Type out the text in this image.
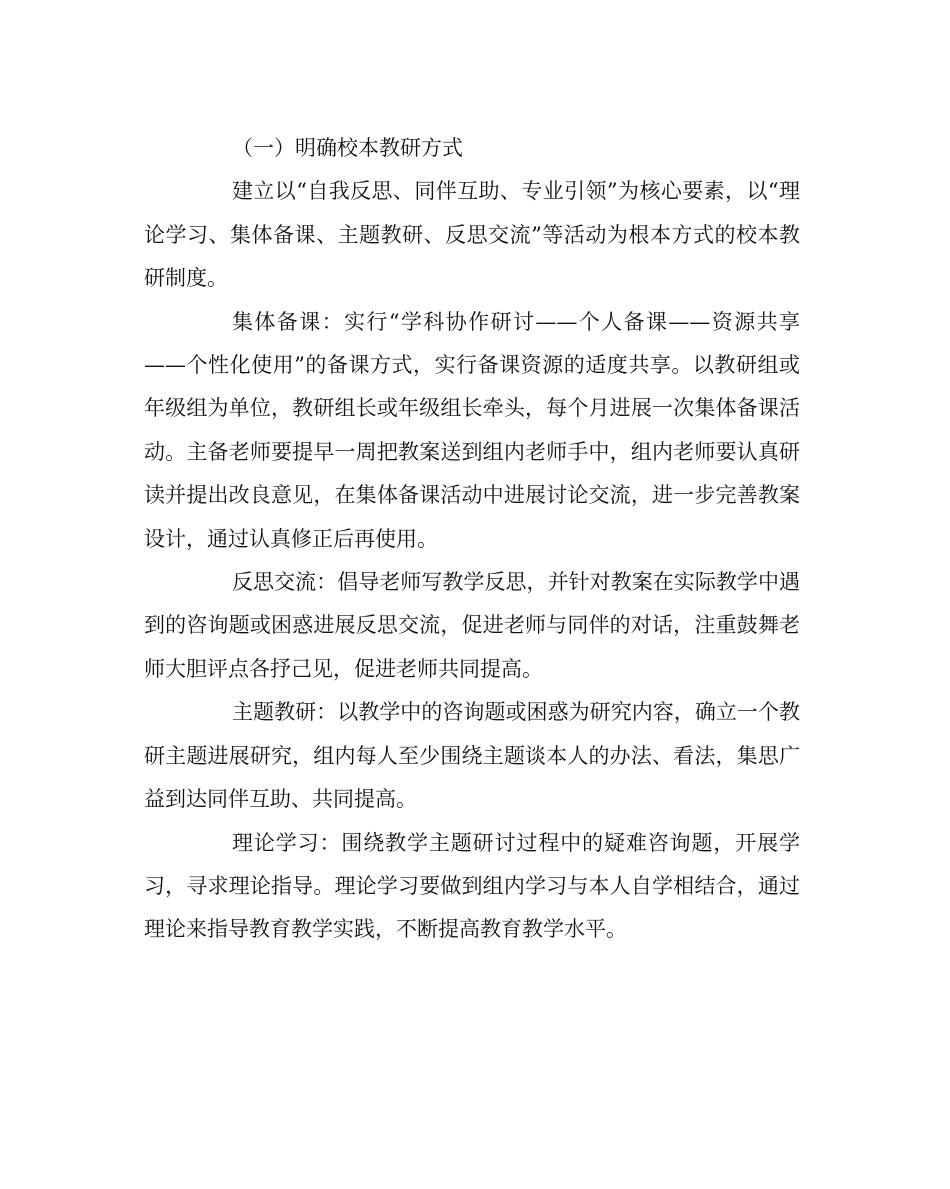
（一）明确校本教研方式

建立以“自我反思、同伴互助、专业引领”为核心要素，以“理论学习、集体备课、主题教研、反思交流”等活动为根本方式的校本教研制度。

集体备课：实行“学科协作研讨——个人备课——资源共享——个性化使用”的备课方式，实行备课资源的适度共享。以教研组或年级组为单位，教研组长或年级组长牵头，每个月进展一次集体备课活动。主备老师要提早一周把教案送到组内老师手中，组内老师要认真研读并提出改良意见，在集体备课活动中进展讨论交流，进一步完善教案设计，通过认真修正后再使用。

反思交流：倡导老师写教学反思，并针对教案在实际教学中遇到的咨询题或困惑进展反思交流，促进老师与同伴的对话，注重鼓舞老师大胆评点各抒己见，促进老师共同提高。

主题教研：以教学中的咨询题或困惑为研究内容，确立一个教研主题进展研究，组内每人至少围绕主题谈本人的办法、看法，集思广益到达同伴互助、共同提高。

理论学习：围绕教学主题研讨过程中的疑难咨询题，开展学习，寻求理论指导。理论学习要做到组内学习与本人自学相结合，通过理论来指导教育教学实践，不断提高教育教学水平。
